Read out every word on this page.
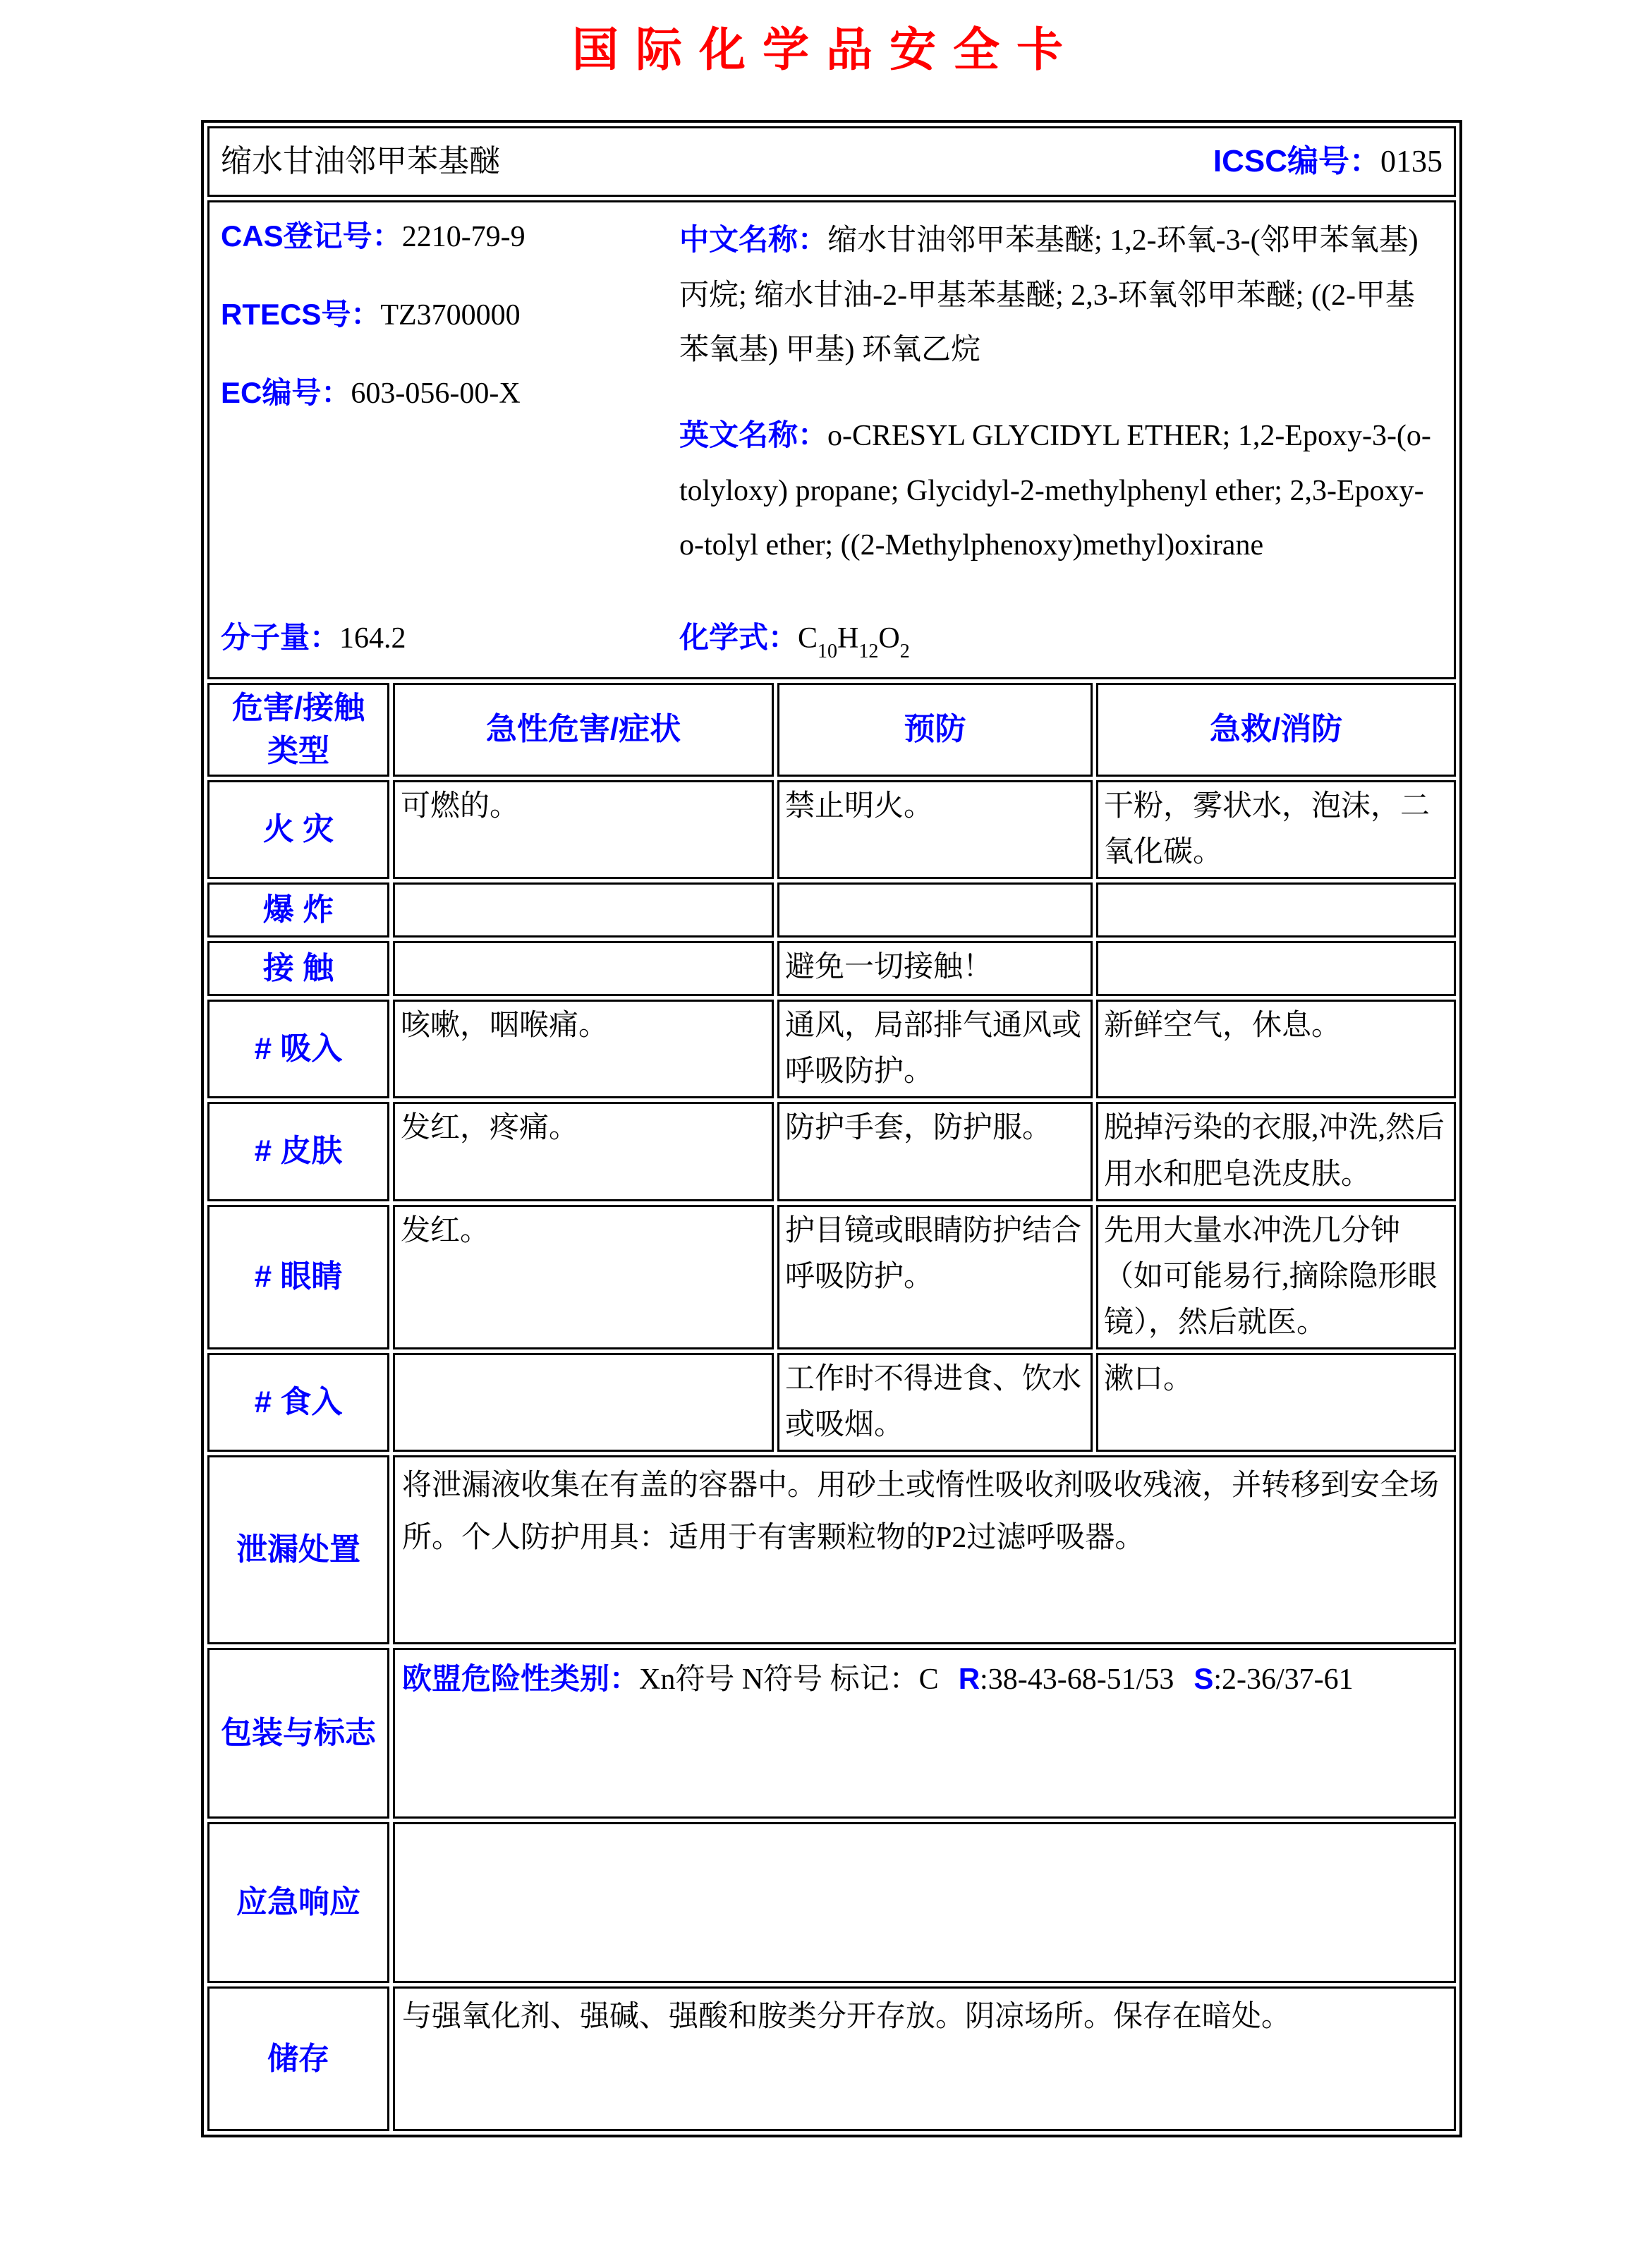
国际化学品安全卡
缩水甘油邻甲苯基醚 ICSC编号：0135			

CAS登记号：2210-79-9
RTECS号：TZ3700000
EC编号：603-056-00-X

中文名称：缩水甘油邻甲苯基醚; 1,2-环氧-3-(邻甲苯氧基)丙烷; 缩水甘油-2-甲基苯基醚; 2,3-环氧邻甲苯醚; ((2-甲基苯氧基) 甲基) 环氧乙烷

英文名称：o-CRESYL GLYCIDYL ETHER; 1,2-Epoxy-3-(o-tolyloxy) propane; Glycidyl-2-methylphenyl ether; 2,3-Epoxy-o-tolyl ether; ((2-Methylphenoxy)methyl)oxirane

分子量：164.2	化学式：$C_{10}H_{12}O_2$

危害/接触
类型	急性危害/症状	预防	急救/消防
火 灾	可燃的。	禁止明火。	干粉，雾状水，泡沫，二氧化碳。
爆 炸			
接 触		避免一切接触！	
# 吸入	咳嗽，咽喉痛。	通风，局部排气通风或呼吸防护。	新鲜空气，休息。
# 皮肤	发红，疼痛。	防护手套，防护服。	脱掉污染的衣服,冲洗,然后用水和肥皂洗皮肤。
# 眼睛	发红。	护目镜或眼睛防护结合呼吸防护。	先用大量水冲洗几分钟（如可能易行,摘除隐形眼镜），然后就医。
# 食入		工作时不得进食、饮水或吸烟。	漱口。
泄漏处置	将泄漏液收集在有盖的容器中。用砂土或惰性吸收剂吸收残液，并转移到安全场所。个人防护用具：适用于有害颗粒物的P2过滤呼吸器。		
包装与标志	欧盟危险性类别：Xn符号 N符号 标记：C R:38-43-68-51/53 S:2-36/37-61		
应急响应			
储存	与强氧化剂、强碱、强酸和胺类分开存放。阴凉场所。保存在暗处。		
